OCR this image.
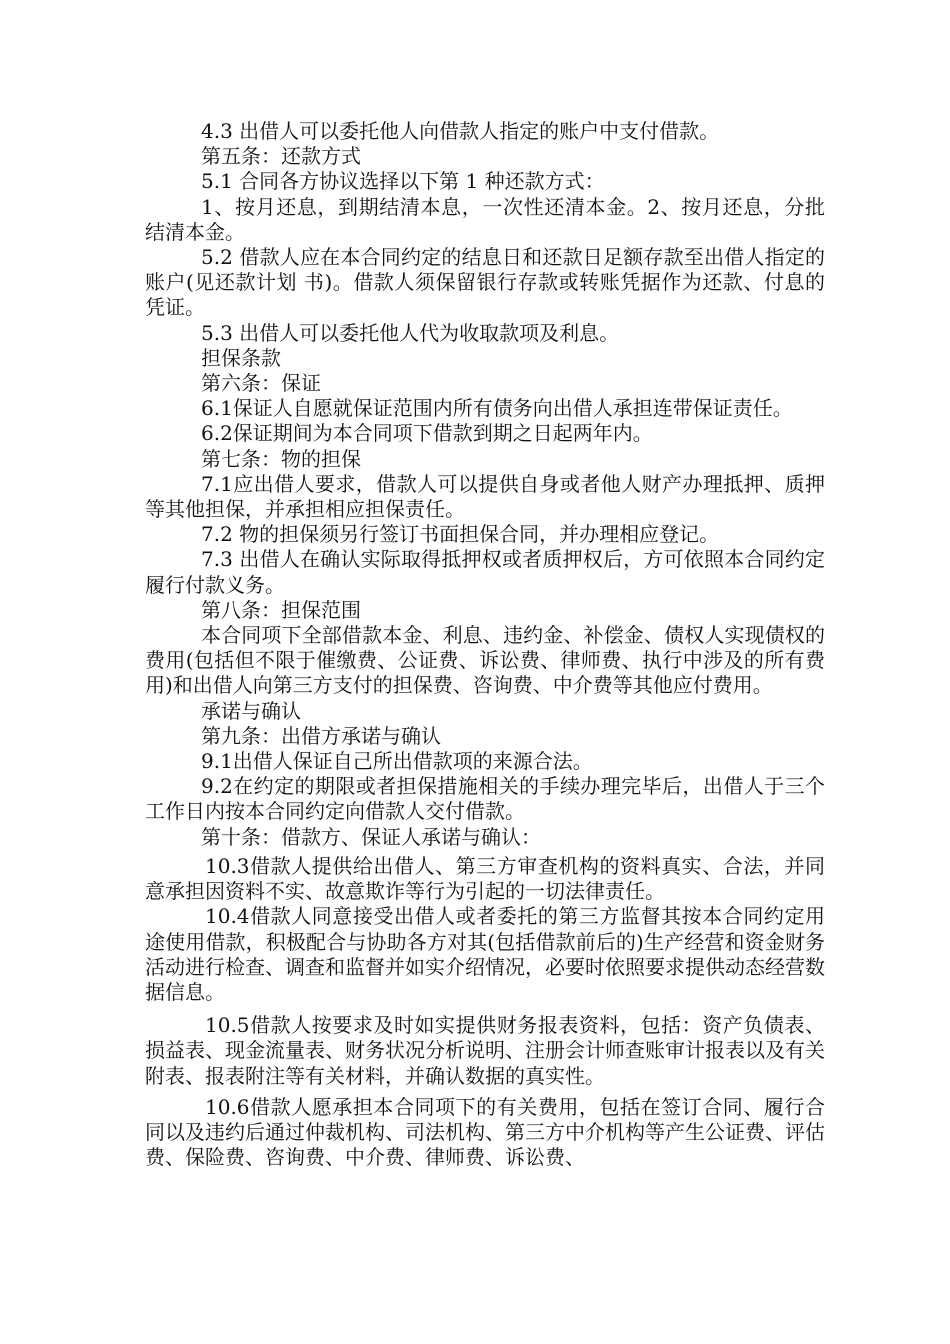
4.3 出借人可以委托他人向借款人指定的账户中支付借款。

第五条：还款方式

5.1 合同各方协议选择以下第 1 种还款方式：

1、按月还息，到期结清本息，一次性还清本金。2、按月还息，分批结清本金。

5.2 借款人应在本合同约定的结息日和还款日足额存款至出借人指定的账户(见还款计划 书)。借款人须保留银行存款或转账凭据作为还款、付息的凭证。

5.3 出借人可以委托他人代为收取款项及利息。

担保条款

第六条：保证

6.1保证人自愿就保证范围内所有债务向出借人承担连带保证责任。

6.2保证期间为本合同项下借款到期之日起两年内。

第七条：物的担保

7.1应出借人要求，借款人可以提供自身或者他人财产办理抵押、质押等其他担保，并承担相应担保责任。

7.2 物的担保须另行签订书面担保合同，并办理相应登记。

7.3 出借人在确认实际取得抵押权或者质押权后，方可依照本合同约定履行付款义务。

第八条：担保范围

本合同项下全部借款本金、利息、违约金、补偿金、债权人实现债权的费用(包括但不限于催缴费、公证费、诉讼费、律师费、执行中涉及的所有费用)和出借人向第三方支付的担保费、咨询费、中介费等其他应付费用。

承诺与确认

第九条：出借方承诺与确认

9.1出借人保证自己所出借款项的来源合法。

9.2在约定的期限或者担保措施相关的手续办理完毕后，出借人于三个工作日内按本合同约定向借款人交付借款。

第十条：借款方、保证人承诺与确认：

10.3借款人提供给出借人、第三方审查机构的资料真实、合法，并同意承担因资料不实、故意欺诈等行为引起的一切法律责任。

10.4借款人同意接受出借人或者委托的第三方监督其按本合同约定用途使用借款，积极配合与协助各方对其(包括借款前后的)生产经营和资金财务活动进行检查、调查和监督并如实介绍情况，必要时依照要求提供动态经营数据信息。

10.5借款人按要求及时如实提供财务报表资料，包括：资产负债表、损益表、现金流量表、财务状况分析说明、注册会计师查账审计报表以及有关附表、报表附注等有关材料，并确认数据的真实性。

10.6借款人愿承担本合同项下的有关费用，包括在签订合同、履行合同以及违约后通过仲裁机构、司法机构、第三方中介机构等产生公证费、评估费、保险费、咨询费、中介费、律师费、诉讼费、
